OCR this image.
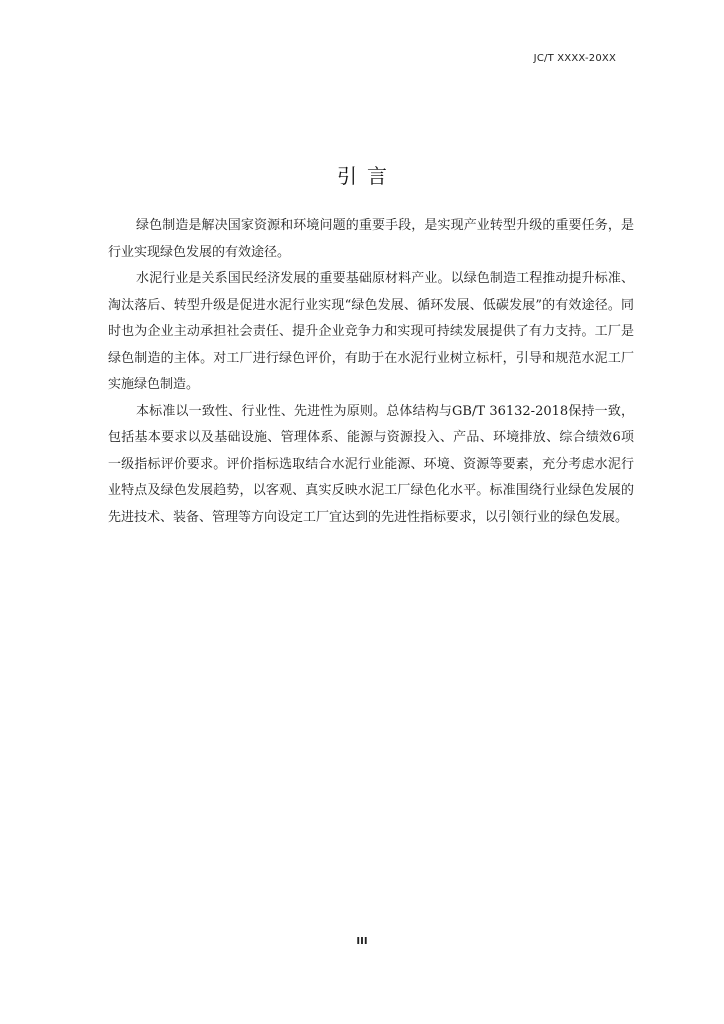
JC/T XXXX-20XX
引言

绿色制造是解决国家资源和环境问题的重要手段，是实现产业转型升级的重要任务，是行业实现绿色发展的有效途径。

水泥行业是关系国民经济发展的重要基础原材料产业。以绿色制造工程推动提升标准、淘汰落后、转型升级是促进水泥行业实现“绿色发展、循环发展、低碳发展”的有效途径。同时也为企业主动承担社会责任、提升企业竞争力和实现可持续发展提供了有力支持。工厂是绿色制造的主体。对工厂进行绿色评价，有助于在水泥行业树立标杆，引导和规范水泥工厂实施绿色制造。

本标准以一致性、行业性、先进性为原则。总体结构与GB/T 36132-2018保持一致，包括基本要求以及基础设施、管理体系、能源与资源投入、产品、环境排放、综合绩效6项一级指标评价要求。评价指标选取结合水泥行业能源、环境、资源等要素，充分考虑水泥行业特点及绿色发展趋势，以客观、真实反映水泥工厂绿色化水平。标准围绕行业绿色发展的先进技术、装备、管理等方向设定工厂宜达到的先进性指标要求，以引领行业的绿色发展。

III
